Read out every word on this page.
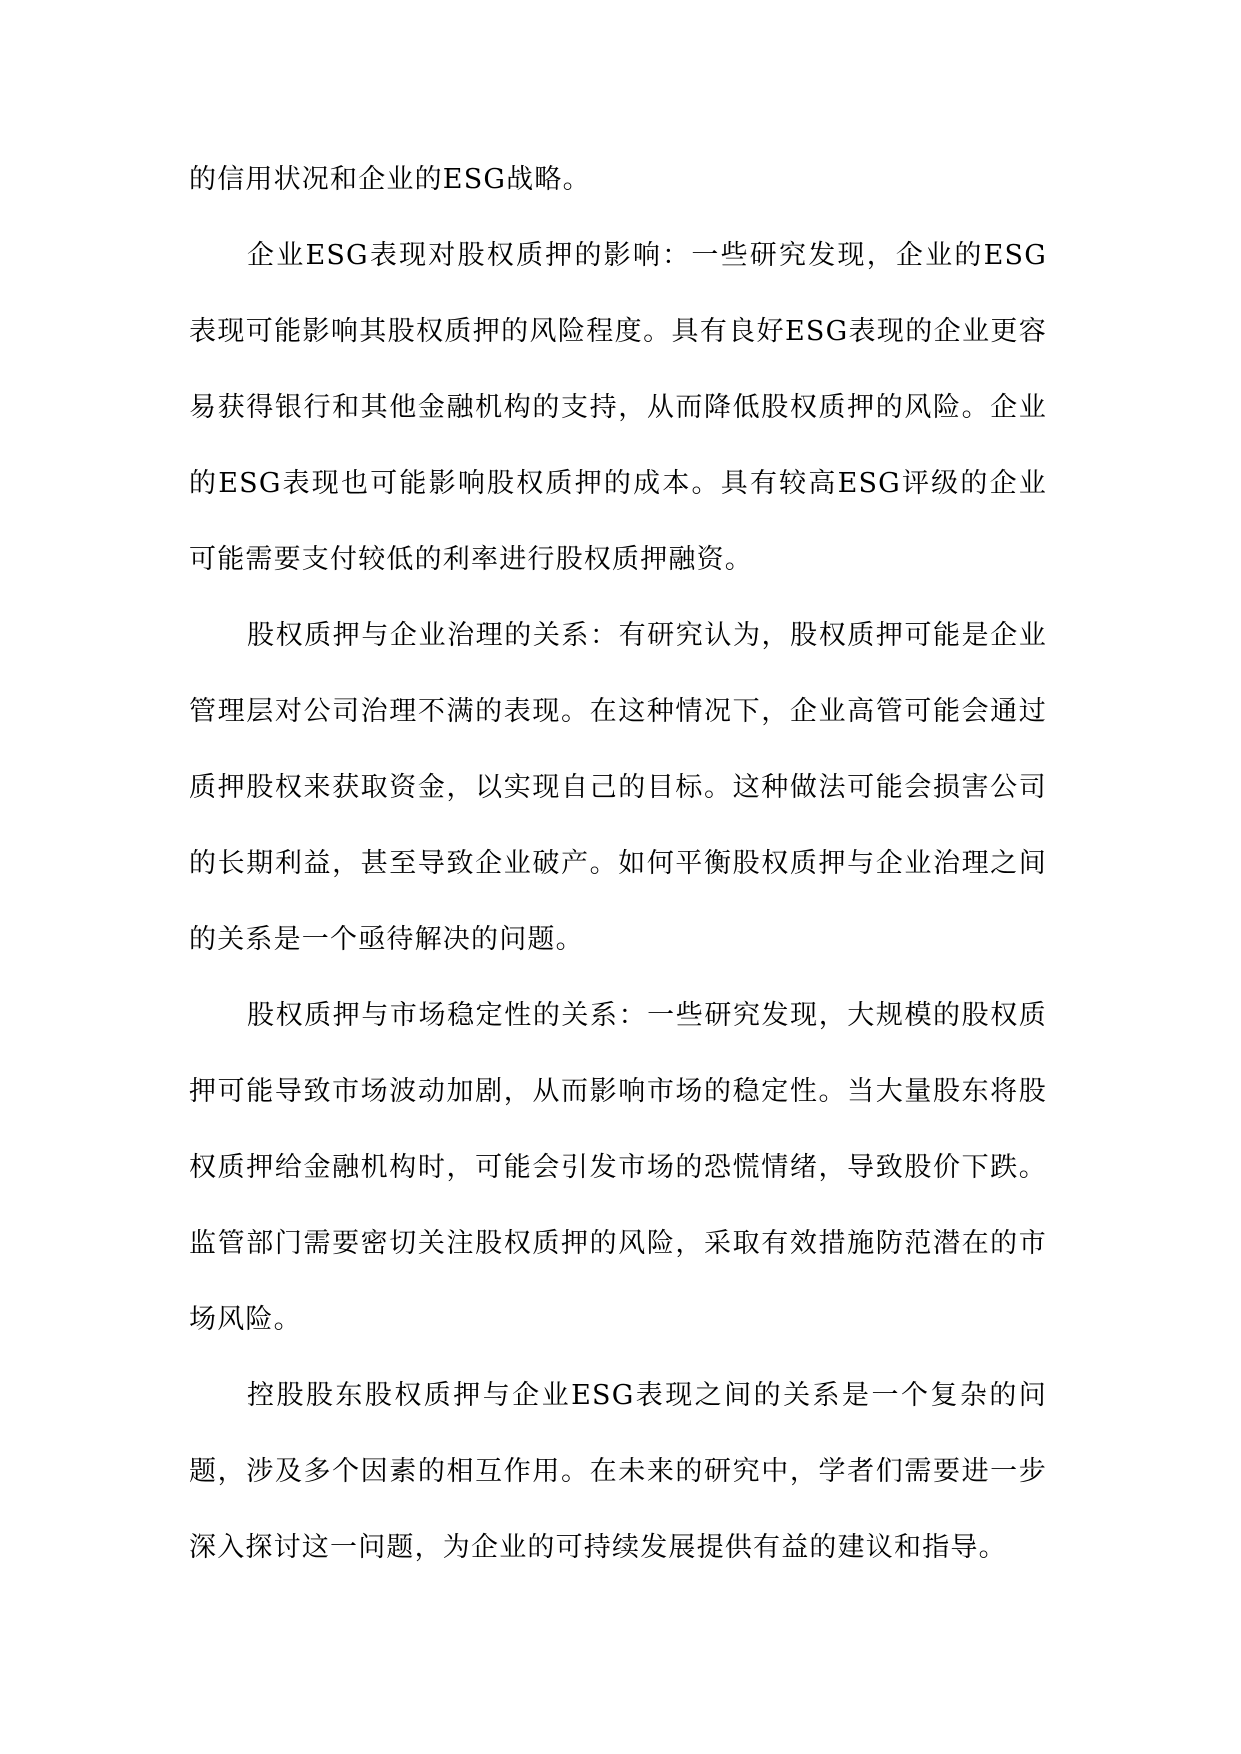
的信用状况和企业的ESG战略。

企业ESG表现对股权质押的影响：一些研究发现，企业的ESG表现可能影响其股权质押的风险程度。具有良好ESG表现的企业更容易获得银行和其他金融机构的支持，从而降低股权质押的风险。企业的ESG表现也可能影响股权质押的成本。具有较高ESG评级的企业可能需要支付较低的利率进行股权质押融资。

股权质押与企业治理的关系：有研究认为，股权质押可能是企业管理层对公司治理不满的表现。在这种情况下，企业高管可能会通过质押股权来获取资金，以实现自己的目标。这种做法可能会损害公司的长期利益，甚至导致企业破产。如何平衡股权质押与企业治理之间的关系是一个亟待解决的问题。

股权质押与市场稳定性的关系：一些研究发现，大规模的股权质押可能导致市场波动加剧，从而影响市场的稳定性。当大量股东将股权质押给金融机构时，可能会引发市场的恐慌情绪，导致股价下跌。监管部门需要密切关注股权质押的风险，采取有效措施防范潜在的市场风险。

控股股东股权质押与企业ESG表现之间的关系是一个复杂的问题，涉及多个因素的相互作用。在未来的研究中，学者们需要进一步深入探讨这一问题，为企业的可持续发展提供有益的建议和指导。
